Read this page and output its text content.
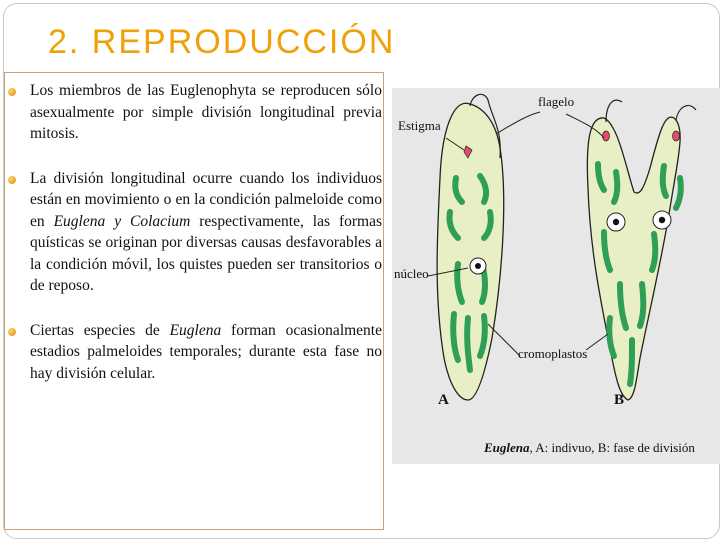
2. REPRODUCCIÓN
Los miembros de las Euglenophyta se reproducen sólo asexualmente por simple división longitudinal previa mitosis.
La división longitudinal ocurre cuando los individuos están en movimiento o en la condición palmeloide como en Euglena y Colacium respectivamente, las formas quísticas se originan por diversas causas desfavorables a la condición móvil, los quistes pueden ser transitorios o de reposo.
Ciertas especies de Euglena forman ocasionalmente estadios palmeloides temporales; durante esta fase no hay división celular.
Estigma
flagelo
núcleo
cromoplastos
A	B
Euglena, A: indivuo, B: fase de división
